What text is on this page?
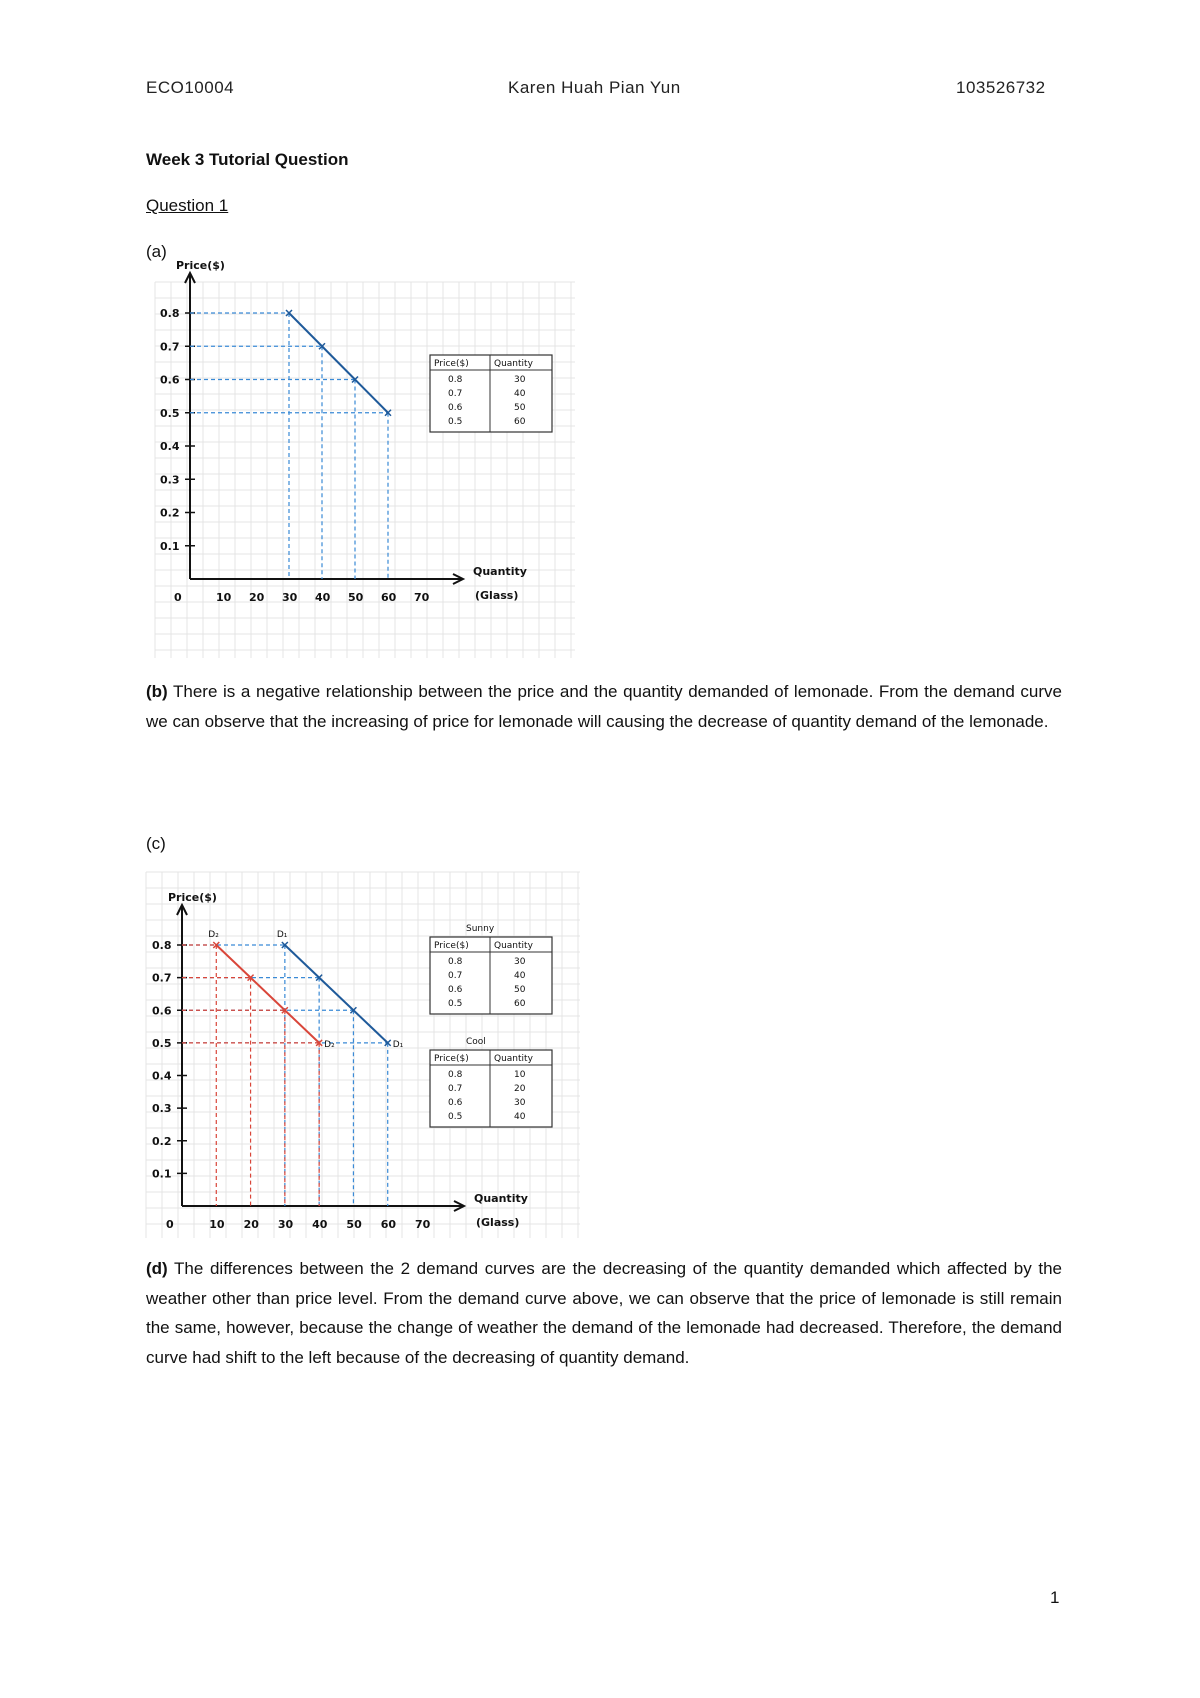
ECO10004	Karen Huah Pian Yun	103526732
Week 3 Tutorial Question
Question 1
(a)
Price($)
Quantity
(Glass)
0.1
0.2
0.3
0.4
0.5
0.6
0.7
0.8
0	10 20 30 40 50 60 70
Price($)	Quantity
0.8	30
0.7	40
0.6	50
0.5	60
(b) There is a negative relationship between the price and the quantity demanded of lemonade. From the demand curve we can observe that the increasing of price for lemonade will causing the decrease of quantity demand of the lemonade.
(c)
Price($)
Quantity
(Glass)
0.1
0.2
0.3
0.4
0.5
0.6
0.7
0.8
0	10 20 30 40 50 60 70
D₁
D₁
D₂
D₂
Sunny
Price($)	Quantity
0.8	30
0.7	40
0.6	50
0.5	60
Cool
Price($)	Quantity
0.8	10
0.7	20
0.6	30
0.5	40
(d) The differences between the 2 demand curves are the decreasing of the quantity demanded which affected by the weather other than price level. From the demand curve above, we can observe that the price of lemonade is still remain the same, however, because the change of weather the demand of the lemonade had decreased. Therefore, the demand curve had shift to the left because of the decreasing of quantity demand.
1
